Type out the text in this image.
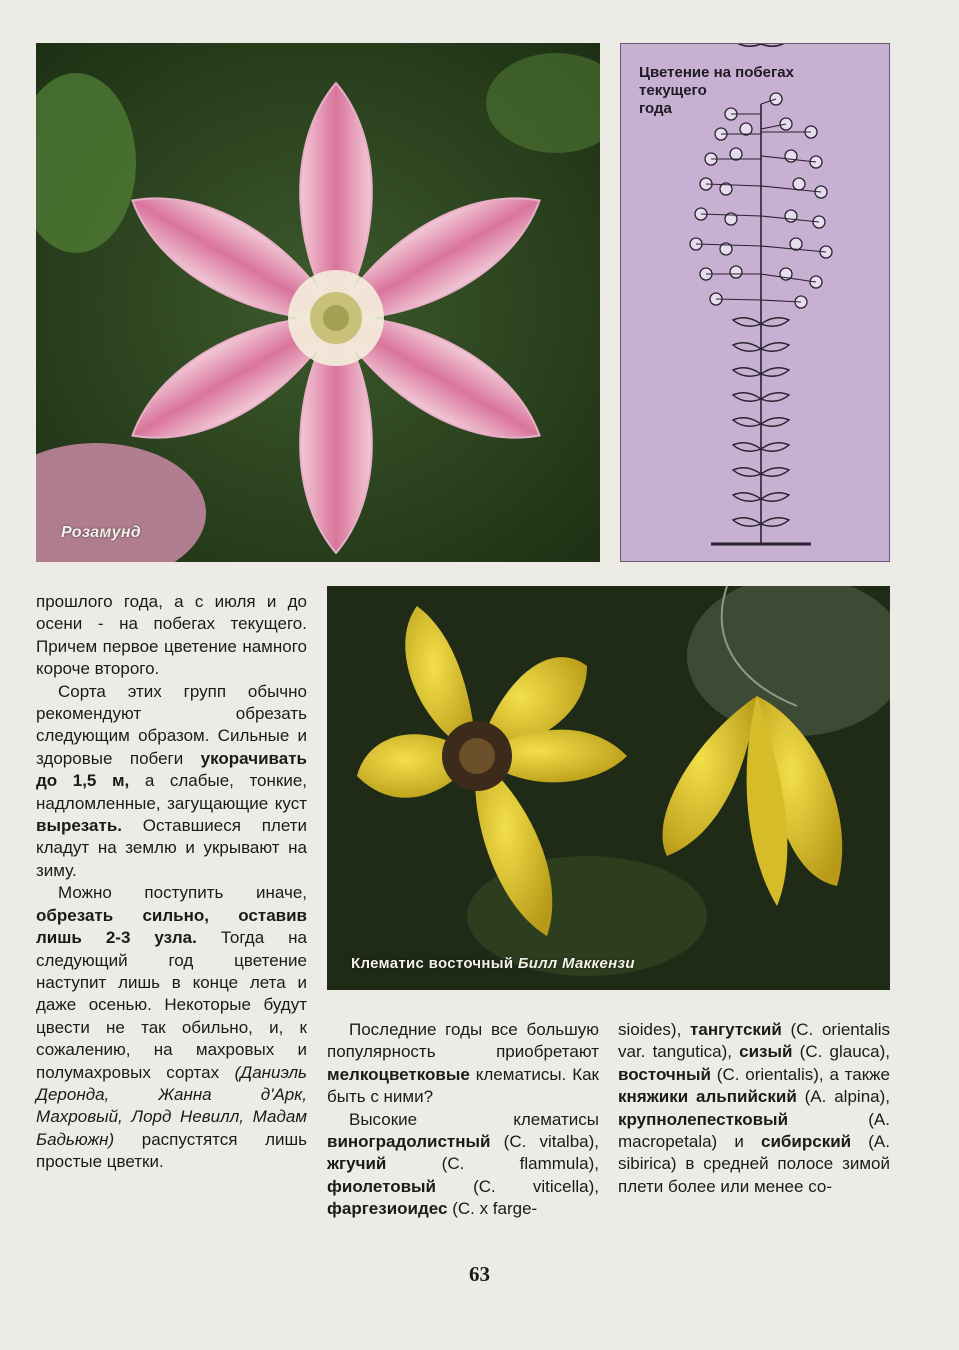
Розамунд
Цветение на побегах
текущего
года
Клематис восточный Билл Маккензи

прошлого года, а с июля и до осени - на побегах текущего. Причем первое цветение намного короче второго.

Сорта этих групп обычно рекомендуют обрезать следующим образом. Сильные и здоровые побеги укорачивать до 1,5 м, а слабые, тонкие, надломленные, загущающие куст вырезать. Оставшиеся плети кладут на землю и укрывают на зиму.

Можно поступить иначе, обрезать сильно, оставив лишь 2-3 узла. Тогда на следующий год цветение наступит лишь в конце лета и даже осенью. Некоторые будут цвести не так обильно, и, к сожалению, на махровых и полумахровых сортах (Даниэль Деронда, Жанна д'Арк, Махровый, Лорд Невилл, Мадам Бадьюжн) распустятся лишь простые цветки.

Последние годы все большую популярность приобретают мелкоцветковые клематисы. Как быть с ними?

Высокие клематисы виноградолистный (C. vitalba), жгучий (C. flammula), фиолетовый (C. viticella), фаргезиоидес (C. x farge-

sioides), тангутский (C. orientalis var. tangutica), сизый (C. glauca), восточный (C. orientalis), а также княжики альпийский (A. alpina), крупнолепестковый (A. macropetala) и сибирский (A. sibirica) в средней полосе зимой плети более или менее со-

63
